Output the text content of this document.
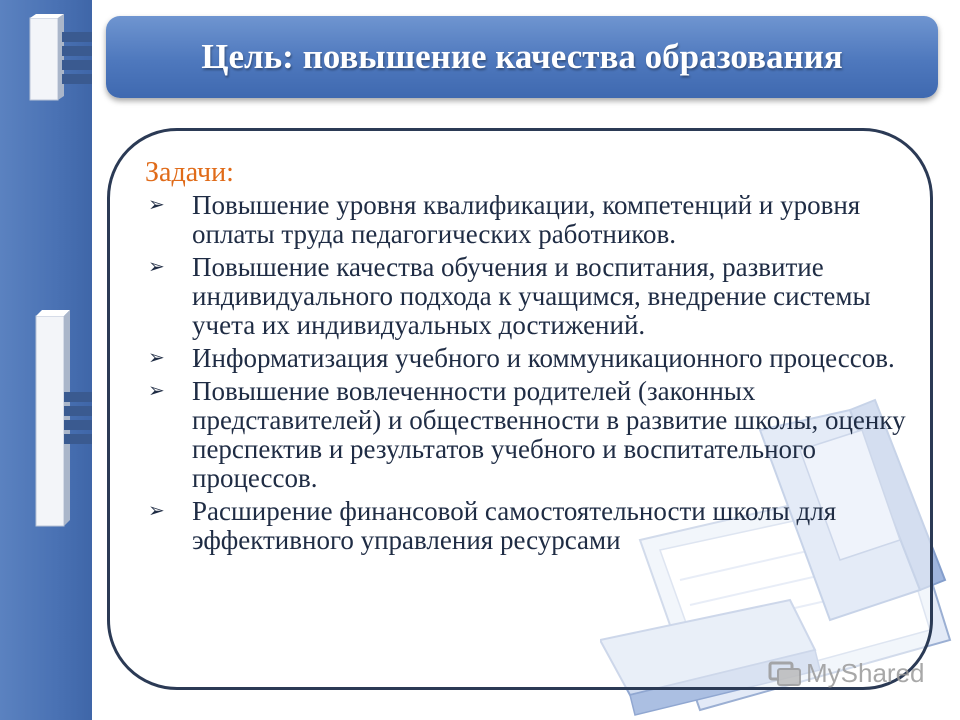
Цель: повышение качества образования
Задачи:
➢	Повышение уровня квалификации, компетенций и уровня оплаты труда педагогических работников.
➢	Повышение качества обучения и воспитания, развитие индивидуального подхода к учащимся, внедрение системы учета их индивидуальных достижений.
➢	Информатизация учебного и коммуникационного процессов.
➢	Повышение вовлеченности родителей (законных представителей) и общественности в развитие школы, оценку перспектив и результатов учебного и воспитательного процессов.
➢	Расширение финансовой самостоятельности школы для эффективного управления ресурсами
MyShared
